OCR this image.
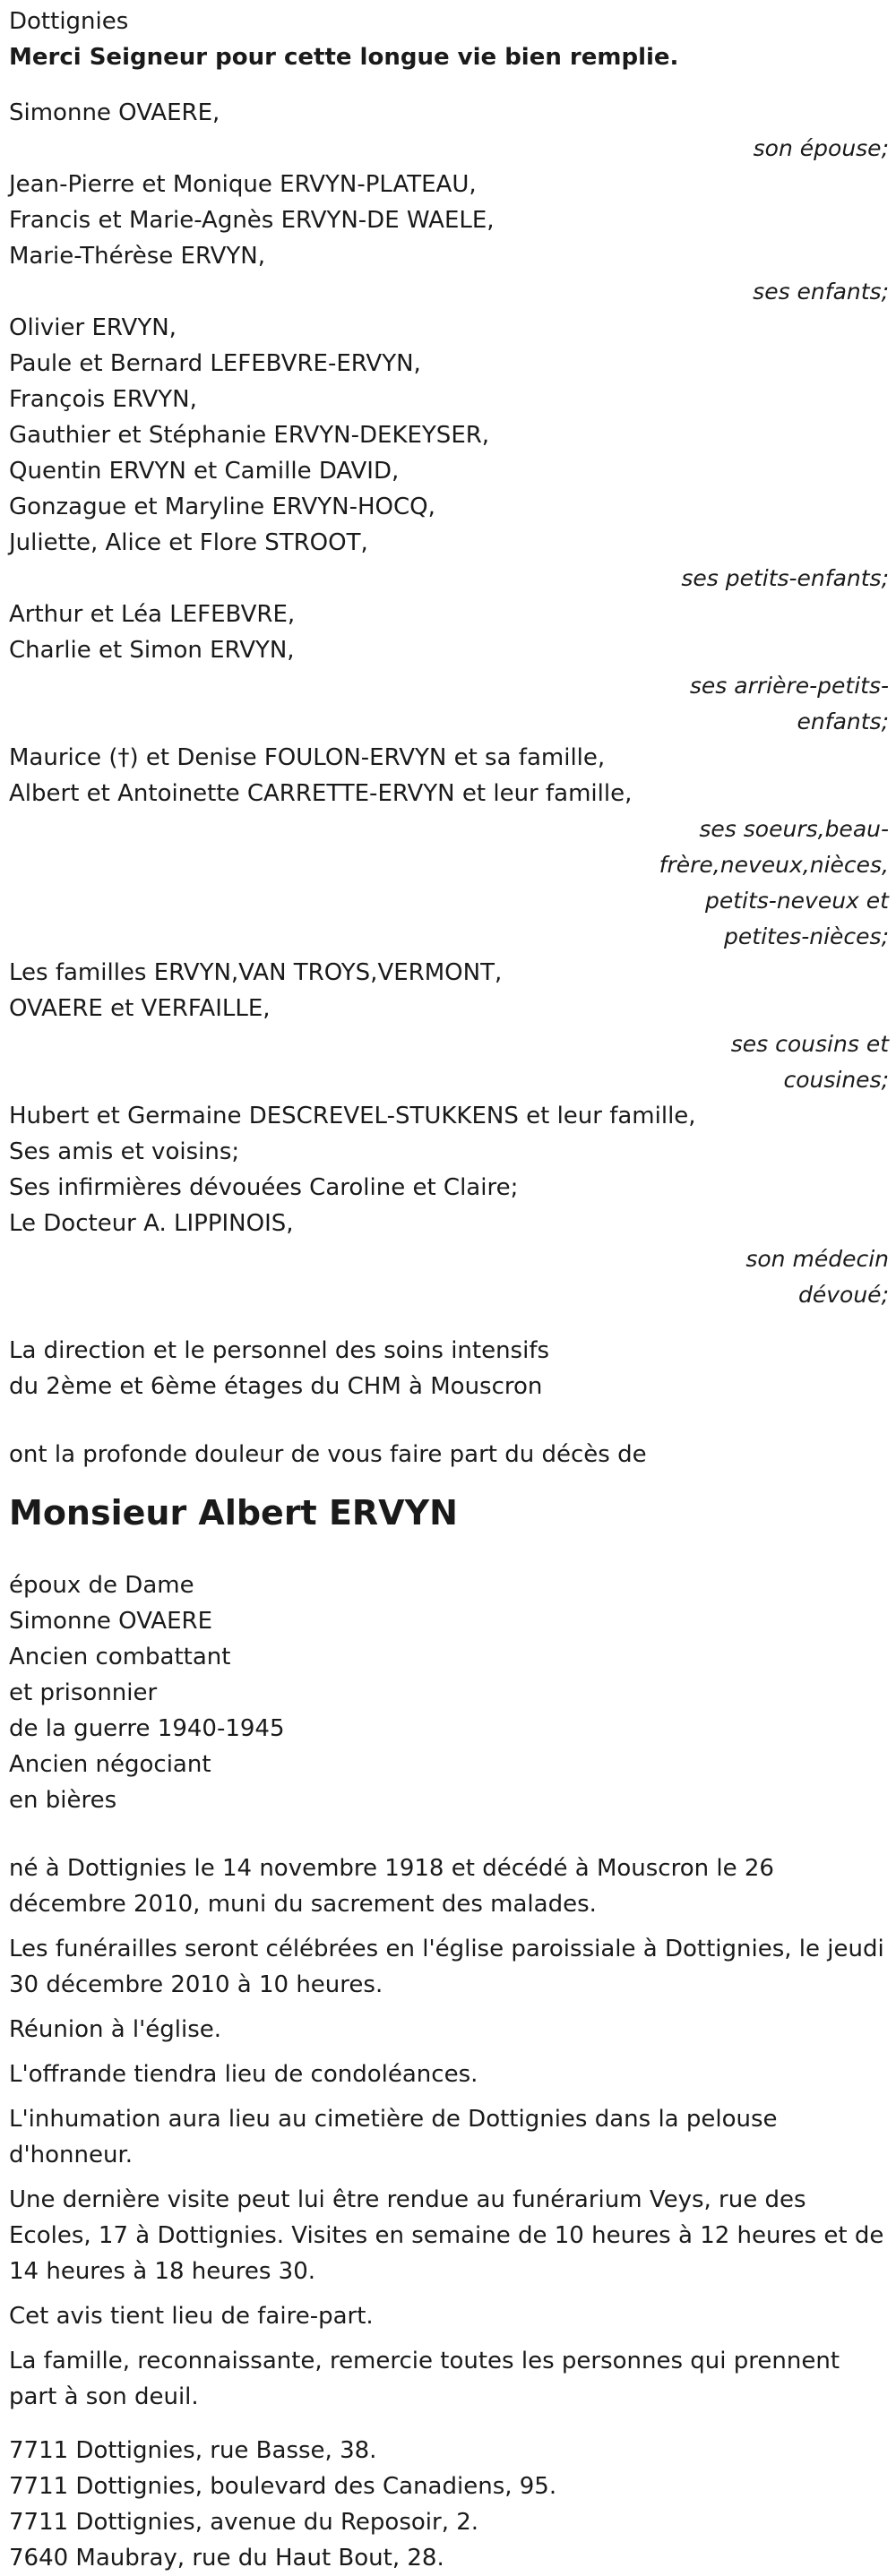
Dottignies
Merci Seigneur pour cette longue vie bien remplie.
Simonne OVAERE,
son épouse;
Jean-Pierre et Monique ERVYN-PLATEAU,
Francis et Marie-Agnès ERVYN-DE WAELE,
Marie-Thérèse ERVYN,
ses enfants;
Olivier ERVYN,
Paule et Bernard LEFEBVRE-ERVYN,
François ERVYN,
Gauthier et Stéphanie ERVYN-DEKEYSER,
Quentin ERVYN et Camille DAVID,
Gonzague et Maryline ERVYN-HOCQ,
Juliette, Alice et Flore STROOT,
ses petits-enfants;
Arthur et Léa LEFEBVRE,
Charlie et Simon ERVYN,
ses arrière-petits-
enfants;
Maurice (†) et Denise FOULON-ERVYN et sa famille,
Albert et Antoinette CARRETTE-ERVYN et leur famille,
ses soeurs,beau-
frère,neveux,nièces,
petits-neveux et
petites-nièces;
Les familles ERVYN,VAN TROYS,VERMONT,
OVAERE et VERFAILLE,
ses cousins et
cousines;
Hubert et Germaine DESCREVEL-STUKKENS et leur famille,
Ses amis et voisins;
Ses infirmières dévouées Caroline et Claire;
Le Docteur A. LIPPINOIS,
son médecin
dévoué;
La direction et le personnel des soins intensifs
du 2ème et 6ème étages du CHM à Mouscron
ont la profonde douleur de vous faire part du décès de
Monsieur Albert ERVYN
époux de Dame
Simonne OVAERE
Ancien combattant
et prisonnier
de la guerre 1940-1945
Ancien négociant
en bières
né à Dottignies le 14 novembre 1918 et décédé à Mouscron le 26 décembre 2010, muni du sacrement des malades.
Les funérailles seront célébrées en l'église paroissiale à Dottignies, le jeudi 30 décembre 2010 à 10 heures.
Réunion à l'église.
L'offrande tiendra lieu de condoléances.
L'inhumation aura lieu au cimetière de Dottignies dans la pelouse d'honneur.
Une dernière visite peut lui être rendue au funérarium Veys, rue des Ecoles, 17 à Dottignies. Visites en semaine de 10 heures à 12 heures et de 14 heures à 18 heures 30.
Cet avis tient lieu de faire-part.
La famille, reconnaissante, remercie toutes les personnes qui prennent part à son deuil.
7711 Dottignies, rue Basse, 38.
7711 Dottignies, boulevard des Canadiens, 95.
7711 Dottignies, avenue du Reposoir, 2.
7640 Maubray, rue du Haut Bout, 28.
